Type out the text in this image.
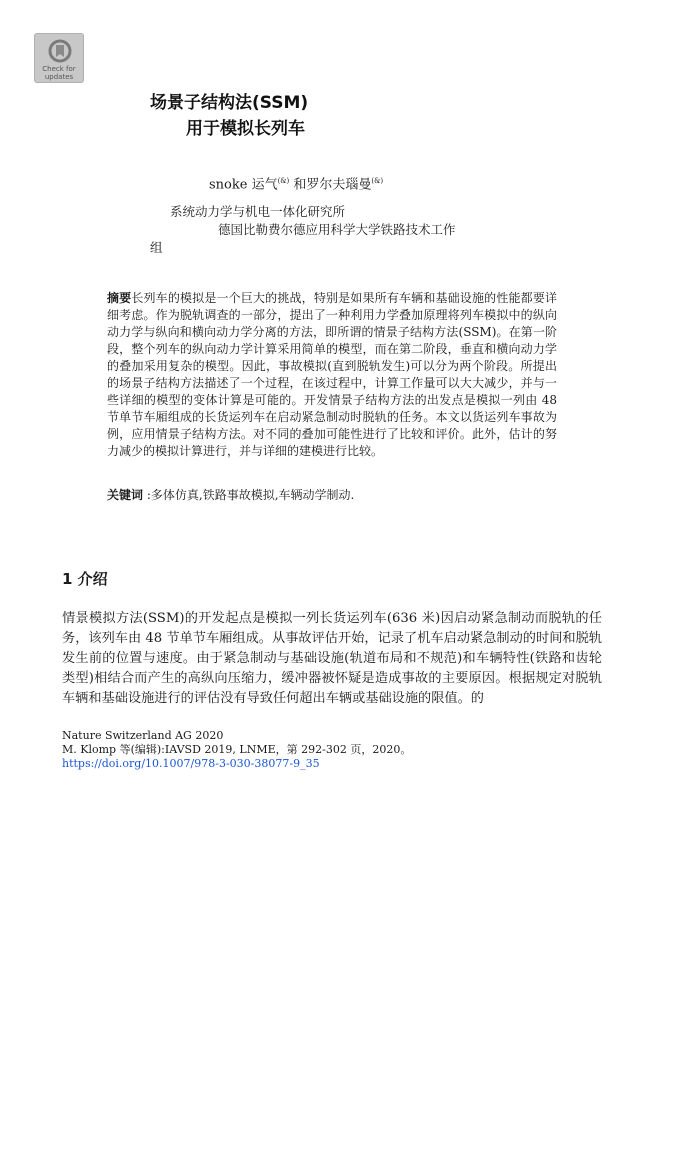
Check for
updates
场景子结构法(SSM)
用于模拟长列车
snoke 运气(&) 和罗尔夫瑙曼(&)
系统动力学与机电一体化研究所
德国比勒费尔德应用科学大学铁路技术工作
组
摘要长列车的模拟是一个巨大的挑战，特别是如果所有车辆和基础设施的性能都要详细考虑。作为脱轨调查的一部分，提出了一种利用力学叠加原理将列车模拟中的纵向动力学与纵向和横向动力学分离的方法，即所谓的情景子结构方法(SSM)。在第一阶段，整个列车的纵向动力学计算采用简单的模型，而在第二阶段，垂直和横向动力学的叠加采用复杂的模型。因此，事故模拟(直到脱轨发生)可以分为两个阶段。所提出的场景子结构方法描述了一个过程，在该过程中，计算工作量可以大大减少，并与一些详细的模型的变体计算是可能的。开发情景子结构方法的出发点是模拟一列由 48 节单节车厢组成的长货运列车在启动紧急制动时脱轨的任务。本文以货运列车事故为例，应用情景子结构方法。对不同的叠加可能性进行了比较和评价。此外，估计的努力减少的模拟计算进行，并与详细的建模进行比较。
关键词 :多体仿真,铁路事故模拟,车辆动学制动.
1 介绍
情景模拟方法(SSM)的开发起点是模拟一列长货运列车(636 米)因启动紧急制动而脱轨的任务，该列车由 48 节单节车厢组成。从事故评估开始，记录了机车启动紧急制动的时间和脱轨发生前的位置与速度。由于紧急制动与基础设施(轨道布局和不规范)和车辆特性(铁路和齿轮类型)相结合而产生的高纵向压缩力，缓冲器被怀疑是造成事故的主要原因。根据规定对脱轨车辆和基础设施进行的评估没有导致任何超出车辆或基础设施的限值。的
Nature Switzerland AG 2020
M. Klomp 等(编辑):IAVSD 2019, LNME，第 292-302 页，2020。
https://doi.org/10.1007/978-3-030-38077-9_35
